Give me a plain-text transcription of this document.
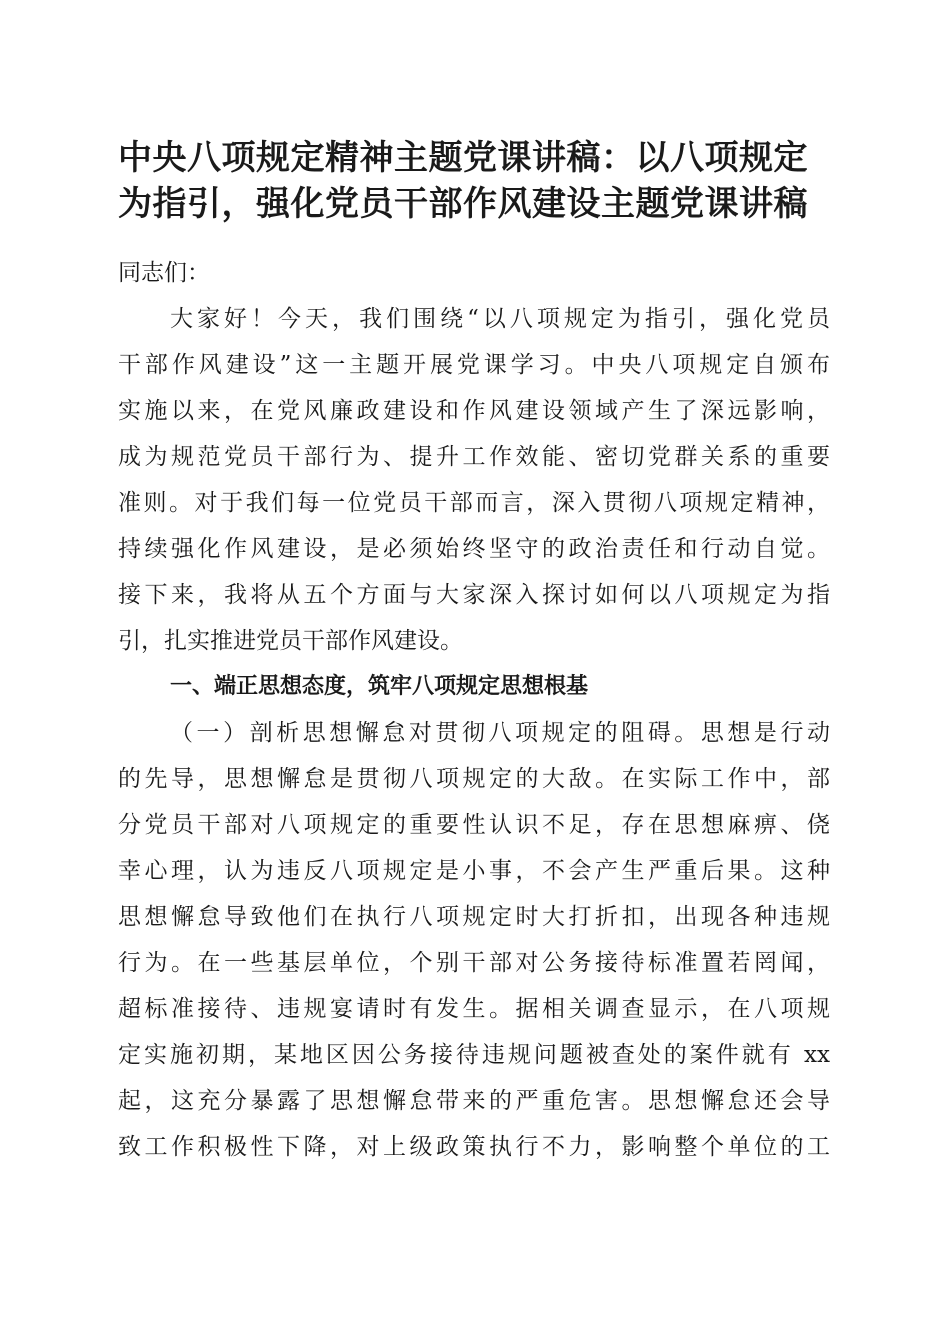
中央八项规定精神主题党课讲稿：以八项规定
为指引，强化党员干部作风建设主题党课讲稿
同志们：
大家好！今天，我们围绕“以八项规定为指引，强化党员
干部作风建设”这一主题开展党课学习。中央八项规定自颁布
实施以来，在党风廉政建设和作风建设领域产生了深远影响，
成为规范党员干部行为、提升工作效能、密切党群关系的重要
准则。对于我们每一位党员干部而言，深入贯彻八项规定精神，
持续强化作风建设，是必须始终坚守的政治责任和行动自觉。
接下来，我将从五个方面与大家深入探讨如何以八项规定为指
引，扎实推进党员干部作风建设。
一、端正思想态度，筑牢八项规定思想根基
（一）剖析思想懈怠对贯彻八项规定的阻碍。思想是行动
的先导，思想懈怠是贯彻八项规定的大敌。在实际工作中，部
分党员干部对八项规定的重要性认识不足，存在思想麻痹、侥
幸心理，认为违反八项规定是小事，不会产生严重后果。这种
思想懈怠导致他们在执行八项规定时大打折扣，出现各种违规
行为。在一些基层单位，个别干部对公务接待标准置若罔闻，
超标准接待、违规宴请时有发生。据相关调查显示，在八项规
定实施初期，某地区因公务接待违规问题被查处的案件就有 xx
起，这充分暴露了思想懈怠带来的严重危害。思想懈怠还会导
致工作积极性下降，对上级政策执行不力，影响整个单位的工
